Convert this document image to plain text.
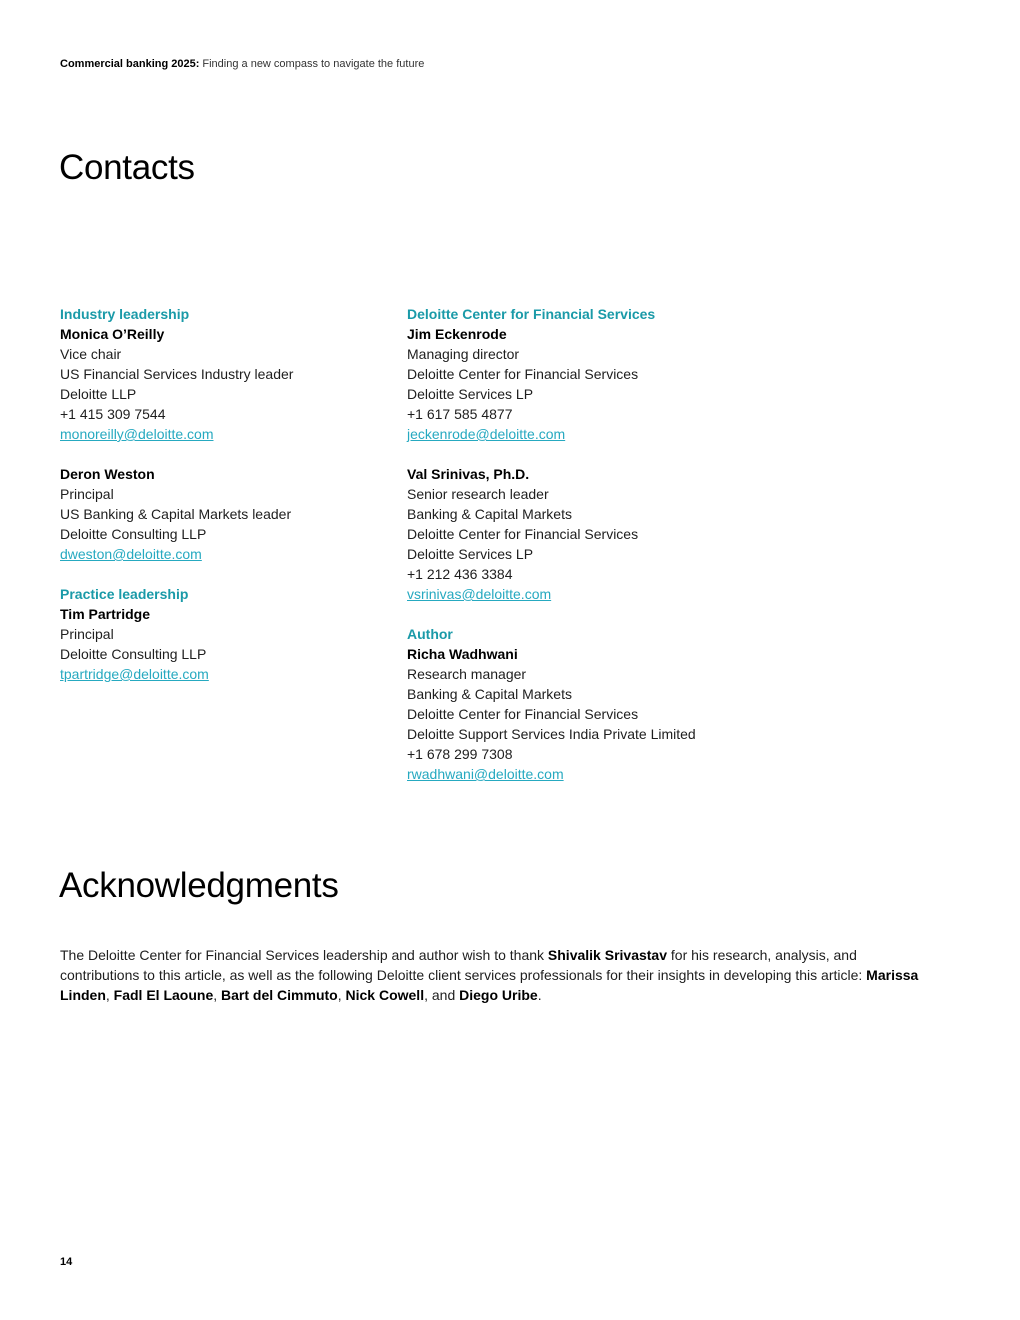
Commercial banking 2025: Finding a new compass to navigate the future
Contacts
Industry leadership
Monica O’Reilly
Vice chair
US Financial Services Industry leader
Deloitte LLP
+1 415 309 7544
monoreilly@deloitte.com
Deron Weston
Principal
US Banking & Capital Markets leader
Deloitte Consulting LLP
dweston@deloitte.com
Practice leadership
Tim Partridge
Principal
Deloitte Consulting LLP
tpartridge@deloitte.com
Deloitte Center for Financial Services
Jim Eckenrode
Managing director
Deloitte Center for Financial Services
Deloitte Services LP
+1 617 585 4877
jeckenrode@deloitte.com
Val Srinivas, Ph.D.
Senior research leader
Banking & Capital Markets
Deloitte Center for Financial Services
Deloitte Services LP
+1 212 436 3384
vsrinivas@deloitte.com
Author
Richa Wadhwani
Research manager
Banking & Capital Markets
Deloitte Center for Financial Services
Deloitte Support Services India Private Limited
+1 678 299 7308
rwadhwani@deloitte.com
Acknowledgments

The Deloitte Center for Financial Services leadership and author wish to thank Shivalik Srivastav for his research, analysis, and contributions to this article, as well as the following Deloitte client services professionals for their insights in developing this article: Marissa Linden, Fadl El Laoune, Bart del Cimmuto, Nick Cowell, and Diego Uribe.

14
